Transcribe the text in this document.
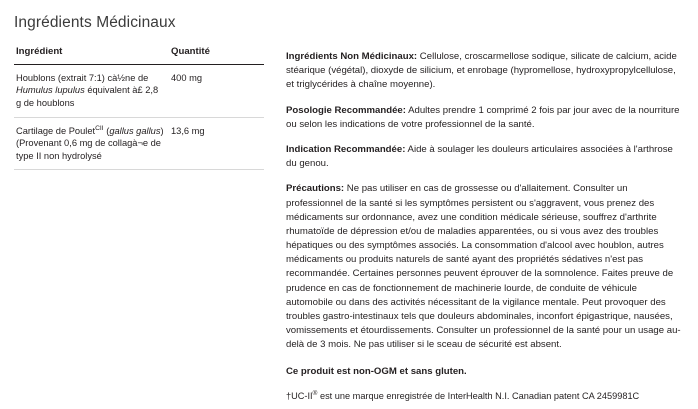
Ingrédients Médicinaux
Ingrédient	Quantité
Houblons (extrait 7:1) cà½ne de Humulus lupulus équivalent à£ 2,8 g de houblons	400 mg
Cartilage de Poulet$^{CII}$ (gallus gallus) (Provenant 0,6 mg de collagà¬e de type II non hydrolysé	13,6 mg

Ingrédients Non Médicinaux: Cellulose, croscarmellose sodique, silicate de calcium, acide stéarique (végétal), dioxyde de silicium, et enrobage (hypromellose, hydroxypropylcellulose, et triglycérides à chaîne moyenne).

Posologie Recommandée: Adultes prendre 1 comprimé 2 fois par jour avec de la nourriture ou selon les indications de votre professionnel de la santé.

Indication Recommandée: Aide à soulager les douleurs articulaires associées à l'arthrose du genou.

Précautions: Ne pas utiliser en cas de grossesse ou d'allaitement. Consulter un professionnel de la santé si les symptômes persistent ou s'aggravent, vous prenez des médicaments sur ordonnance, avez une condition médicale sérieuse, souffrez d'arthrite rhumatoïde de dépression et/ou de maladies apparentées, ou si vous avez des troubles hépatiques ou des symptômes associés. La consommation d'alcool avec houblon, autres médicaments ou produits naturels de santé ayant des propriétés sédatives n'est pas recommandée. Certaines personnes peuvent éprouver de la somnolence. Faites preuve de prudence en cas de fonctionnement de machinerie lourde, de conduite de véhicule automobile ou dans des activités nécessitant de la vigilance mentale. Peut provoquer des troubles gastro-intestinaux tels que douleurs abdominales, inconfort épigastrique, nausées, vomissements et étourdissements. Consulter un professionnel de la santé pour un usage au-delà de 3 mois. Ne pas utiliser si le sceau de sécurité est absent.

Ce produit est non-OGM et sans gluten.

†UC-II® est une marque enregistrée de InterHealth N.I. Canadian patent CA 2459981C
